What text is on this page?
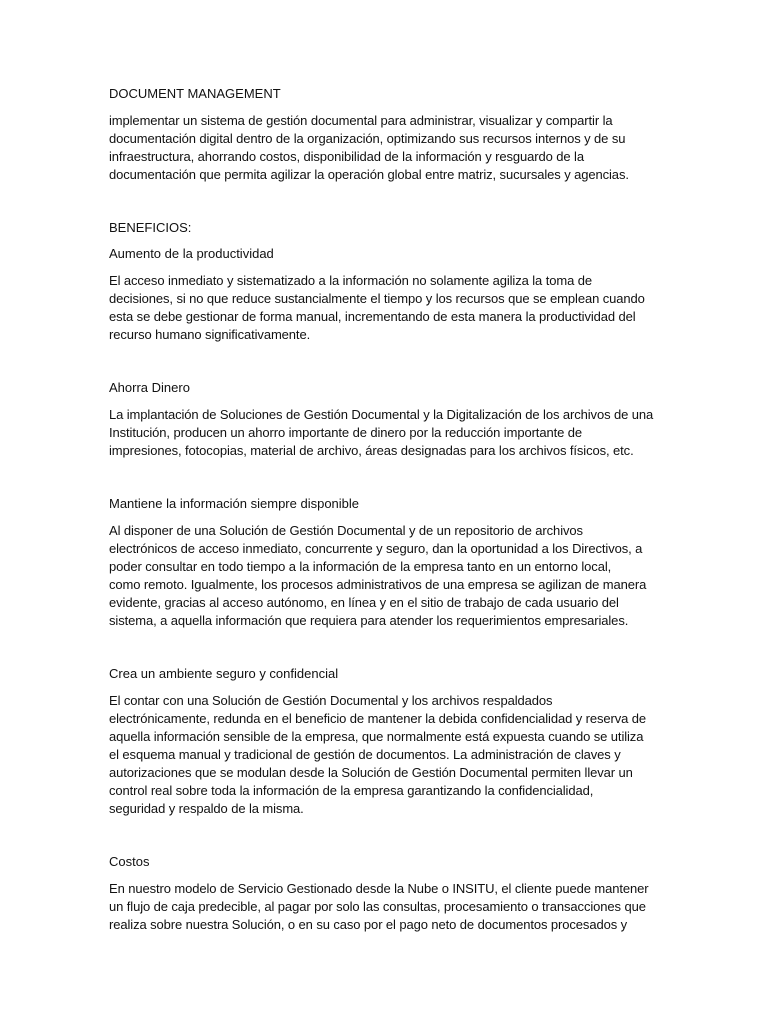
DOCUMENT MANAGEMENT

implementar un sistema de gestión documental para administrar, visualizar y compartir la

documentación digital dentro de la organización, optimizando sus recursos internos y de su

infraestructura, ahorrando costos, disponibilidad de la información y resguardo de la

documentación que permita agilizar la operación global entre matriz, sucursales y agencias.

BENEFICIOS:

Aumento de la productividad

El acceso inmediato y sistematizado a la información no solamente agiliza la toma de

decisiones, si no que reduce sustancialmente el tiempo y los recursos que se emplean cuando

esta se debe gestionar de forma manual, incrementando de esta manera la productividad del

recurso humano significativamente.

Ahorra Dinero

La implantación de Soluciones de Gestión Documental y la Digitalización de los archivos de una

Institución, producen un ahorro importante de dinero por la reducción importante de

impresiones, fotocopias, material de archivo, áreas designadas para los archivos físicos, etc.

Mantiene la información siempre disponible

Al disponer de una Solución de Gestión Documental y de un repositorio de archivos

electrónicos de acceso inmediato, concurrente y seguro, dan la oportunidad a los Directivos, a

poder consultar en todo tiempo a la información de la empresa tanto en un entorno local,

como remoto. Igualmente, los procesos administrativos de una empresa se agilizan de manera

evidente, gracias al acceso autónomo, en línea y en el sitio de trabajo de cada usuario del

sistema, a aquella información que requiera para atender los requerimientos empresariales.

Crea un ambiente seguro y confidencial

El contar con una Solución de Gestión Documental y los archivos respaldados

electrónicamente, redunda en el beneficio de mantener la debida confidencialidad y reserva de

aquella información sensible de la empresa, que normalmente está expuesta cuando se utiliza

el esquema manual y tradicional de gestión de documentos. La administración de claves y

autorizaciones que se modulan desde la Solución de Gestión Documental permiten llevar un

control real sobre toda la información de la empresa garantizando la confidencialidad,

seguridad y respaldo de la misma.

Costos

En nuestro modelo de Servicio Gestionado desde la Nube o INSITU, el cliente puede mantener

un flujo de caja predecible, al pagar por solo las consultas, procesamiento o transacciones que

realiza sobre nuestra Solución, o en su caso por el pago neto de documentos procesados y
